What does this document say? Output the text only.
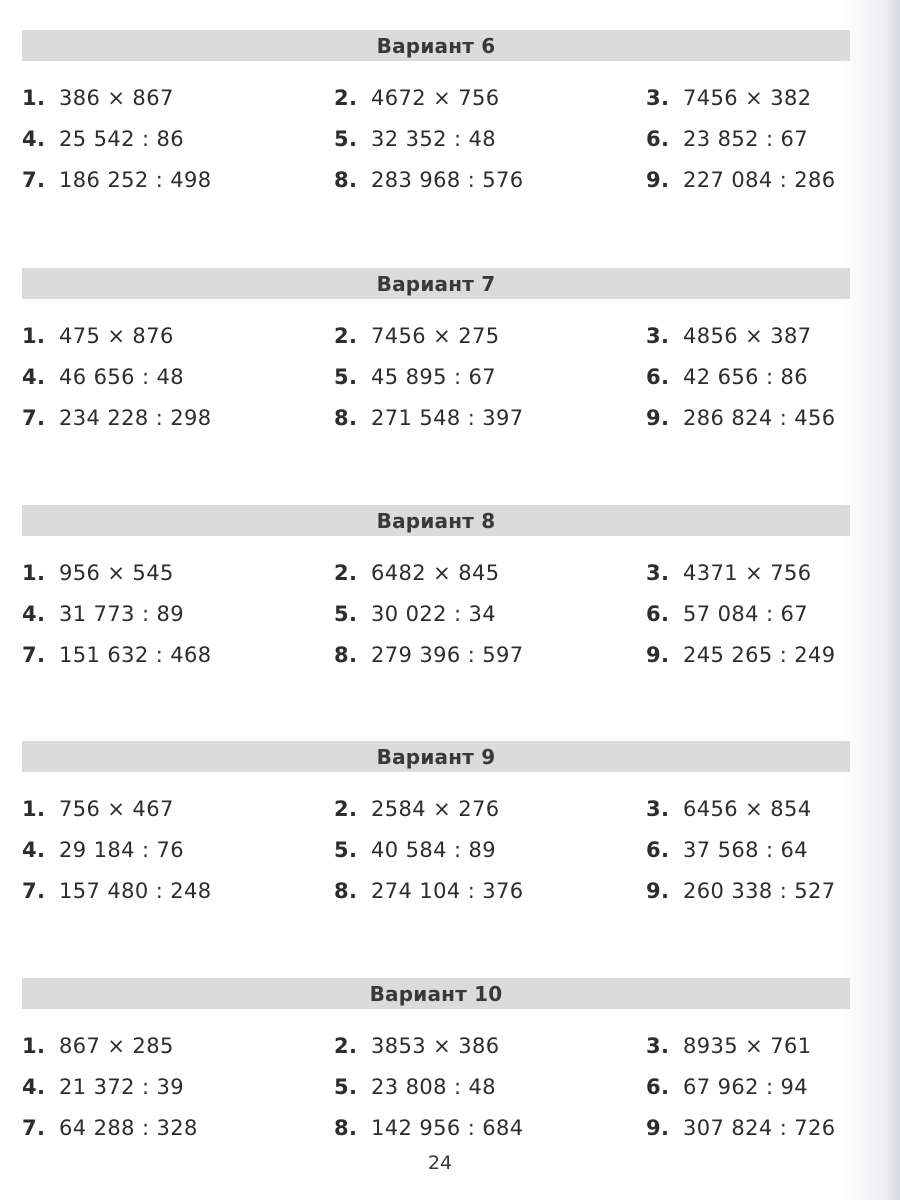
Вариант 6
1. 386 × 867	2. 4672 × 756	3. 7456 × 382
4. 25 542 : 86	5. 32 352 : 48	6. 23 852 : 67
7. 186 252 : 498	8. 283 968 : 576	9. 227 084 : 286
Вариант 7
1. 475 × 876	2. 7456 × 275	3. 4856 × 387
4. 46 656 : 48	5. 45 895 : 67	6. 42 656 : 86
7. 234 228 : 298	8. 271 548 : 397	9. 286 824 : 456
Вариант 8
1. 956 × 545	2. 6482 × 845	3. 4371 × 756
4. 31 773 : 89	5. 30 022 : 34	6. 57 084 : 67
7. 151 632 : 468	8. 279 396 : 597	9. 245 265 : 249
Вариант 9
1. 756 × 467	2. 2584 × 276	3. 6456 × 854
4. 29 184 : 76	5. 40 584 : 89	6. 37 568 : 64
7. 157 480 : 248	8. 274 104 : 376	9. 260 338 : 527
Вариант 10
1. 867 × 285	2. 3853 × 386	3. 8935 × 761
4. 21 372 : 39	5. 23 808 : 48	6. 67 962 : 94
7. 64 288 : 328	8. 142 956 : 684	9. 307 824 : 726
24
